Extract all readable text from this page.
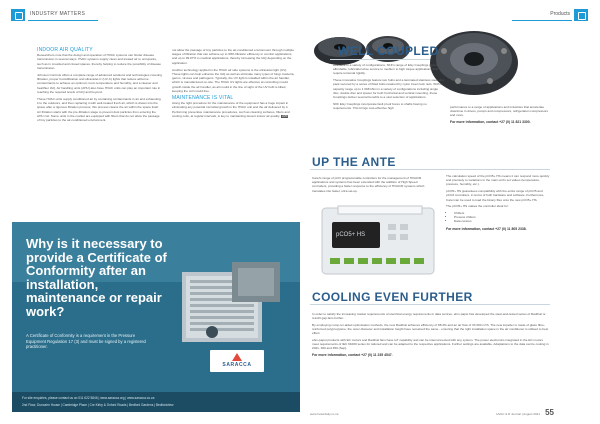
INDUSTRY MATTERS	Products
INDOOR AIR QUALITY

Researchers note that the design and operation of HVAC systems can hinder disease transmission in several ways. HVAC systems supply clean and treated air to occupants, such as in crowded and closed spaces, thereby helping to reduce the possibility of disease transmission.

Johnson Controls offers a complete range of advanced solutions and technologies covering filtration, proper humidification and ultraviolet-C (UV-C) lights that reduce airborne contaminants to achieve an optimum room temperature and humidity, and a cleaner and healthier IAQ. Air handling units (AHU) also have HVAC units can play an important role in reaching the required levels of IAQ and beyond.

These HVAC units supply conditioned air by containing contaminants in air and exhausting it to the outdoors, and then replacing it with well-treated fresh air, which is drawn into the space after a rigorous filtration process; this process cleans the air within the space itself. Air filtration starts with the pre-filtration stage to prevent dust particles from entering the AHU coil. Some units in the market are equipped with filters that do not allow the passage of tiny particles to the air-conditioned environment.

not allow the passage of tiny particles to the air-conditioned environment through multiple stages of filtration that can achieve up to 99% filtration efficiency in comfort applications, and up to 99.97% in medical applications, thereby increasing the IAQ depending on the application.

Another technology applied in the HVAC air side systems is the ultraviolet light (UV). These lights can help enhance the IAQ as well as eliminate many types of fungi, bacteria, germs, viruses and pathogens. Typically, the UV light is installed within the air handler, which is manufactured on-site. The HVAC UV lights are effective at controlling mould growth inside the air handler, as all mould in the line of sight of the UV bulb is killed, keeping the coil mould free.

MAINTENANCE IS VITAL

Along the right procedure for the maintenance of the equipment has a huge impact in eliminating any potential microbial growth in the HVAC unit and the air delivered by it. Performing preventive maintenance procedures, such as cleaning surfaces, filters and cooling coils, at regular intervals, is key to maintaining decent indoor air quality. HVR

Why is it necessary to provide a Certificate of Conformity after an installation, maintenance or repair work?
A Certificate of Conformity is a requirement in the Pressure Equipment Regulation 17 (3) and must be signed by a registered practitioner.
SARACCA
For site enquiries, please contact us on 011 622 5846 | www.saracca.org | www.saracca.co.za
2nd Floor, Duncairn House | Cambridge Place | Cnr Kirby & Oxford Roads | Bedford Gardens | Bedfordview
WELL COUPLED

Available in a variety of configurations, SKF's range of Elsy Couplings provide affordable, lubrication-free service to medium to high torque applications that require torsional rigidity.

These innovative Couplings feature two hubs and a laminated stainless steel disc pack secured by a series of fitted bolts retained by nylon insert lock nuts. With a capacity range up to 1 098 kNm in a variety of configurations including single disc, double disc and spacer for both horizontal and vertical mounting, these Couplings deliver several benefits to a vast selection of applications.

SKF Elsy Couplings incorporate fault proof bores to shafts having no requirements. This brings cost-effective high	performance to a range of applications and industries that accelerate downtime in drives, pumps and compressors, refrigeration compressors and more.

For more information, contact +27 (0) 11 821 3300.

UP THE ANTE

Carel's range of pCO programmable controllers for the management of HVAC/R applications and systems has been extended with the addition of High Speed controllers, providing a faster response to the efficiency of HVAC/R systems which translates into faster, ultra set-up.

pCO5+ HS

The calculation speed of the pCO5+ HS means it can respond more quickly and precisely to variations in the main unit's set values (temperature, pressure, humidity, etc.).

pCO5+ HS guarantees compatibility with the entire range of pCO5 and pCO3 controllers, in terms of both hardware and software. Furthermore, Carel can be used to load the binary files onto the new pCO5+ HS.

The pCO5+ HS makes the controller ideal for:

• Chillers
• Process chillers
• Data centres

For more information, contact +27 (0) 11 805 2338.

COOLING EVEN FURTHER

In order to satisfy the increasing market requirements of electrical energy requirements in data centres, ebm-papst has developed the steel-and-tested series of RadiCal or retrofit gap fans further.

By employing comp-rer-aided optimisation methods, the new RadiCal achieves efficiency of 88.3% and an air flow of 33 000 m³/h. The new impeller is made of glass fibre-reinforced polypropylene; the outer diameter and installation height have remained the same - ensuring that the right installation space in the air conditioner is utilised to best effect.

ebm-papst products with EC motors and RadiCal fans have IoT capability and can be interconnected with any system. The power electronics integrated in the EC motors meet requirements of IEC 61000 series for tailored and can be adapted to the respective applications. Further settings are available. Adaptations to the data centre cooling in 2021, 300 and 350 (Sep).

For more information, contact +27 (0) 11 235 4547.

www.hvacrdaily.co.za	HVAC & R Journal | August 2021 55
